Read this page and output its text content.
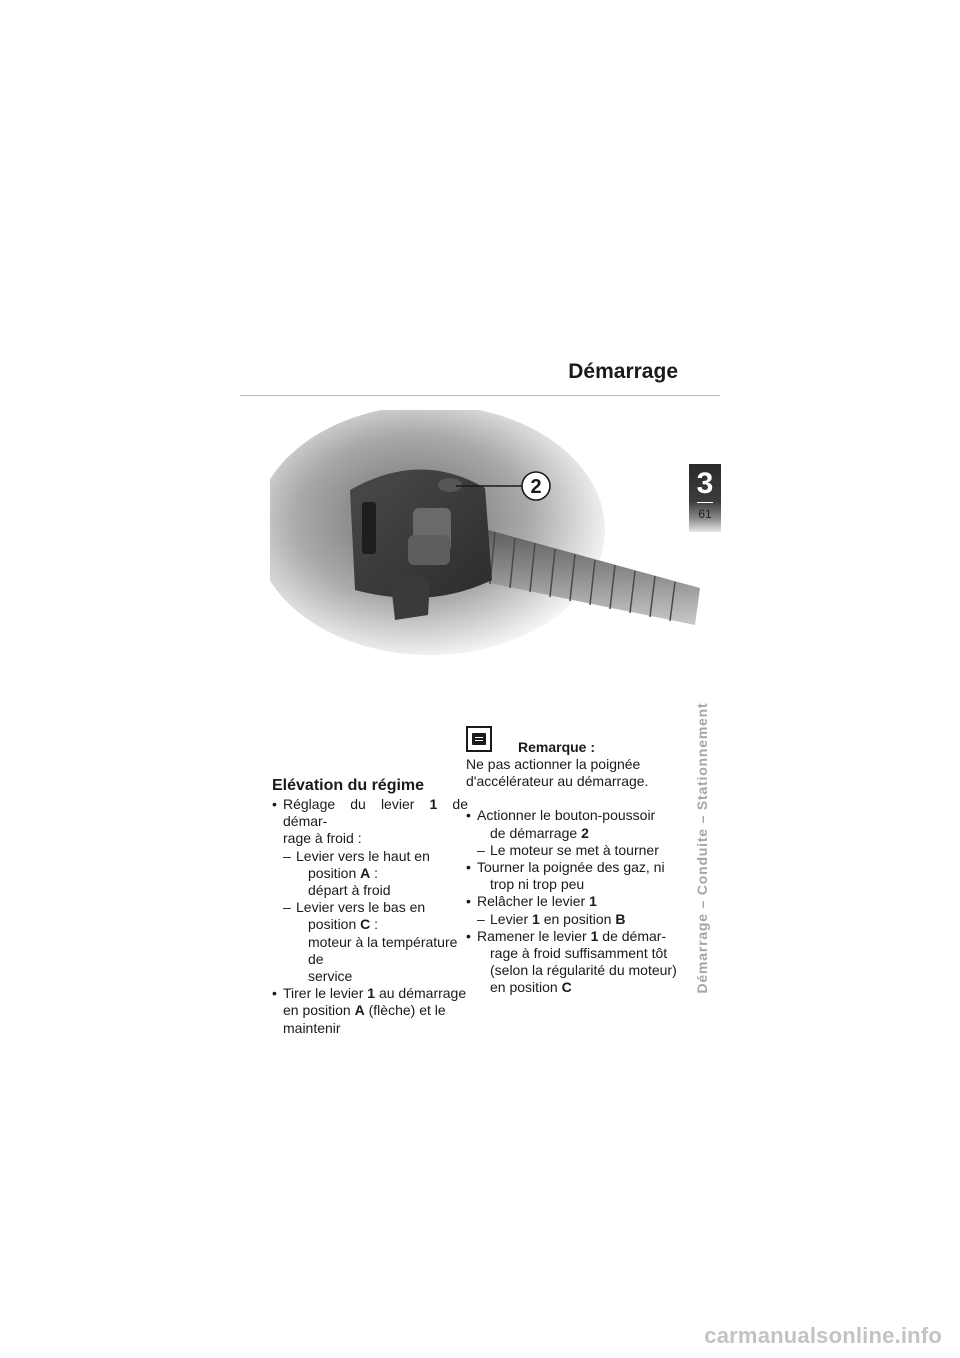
Démarrage
2	3
61
Démarrage – Conduite – Stationnement
Elévation du régime
• Réglage du levier 1 de démar-
rage à froid :
– Levier vers le haut en
position A :
départ à froid
– Levier vers le bas en
position C :
moteur à la température de
service
• Tirer le levier 1 au démarrage
en position A (flèche) et le
maintenir
Remarque :
Ne pas actionner la poignée
d'accélérateur au démarrage.
• Actionner le bouton-poussoir
de démarrage 2
– Le moteur se met à tourner
• Tourner la poignée des gaz, ni
trop ni trop peu
• Relâcher le levier 1
– Levier 1 en position B
• Ramener le levier 1 de démar-
rage à froid suffisamment tôt
(selon la régularité du moteur)
en position C
carmanualsonline.info
